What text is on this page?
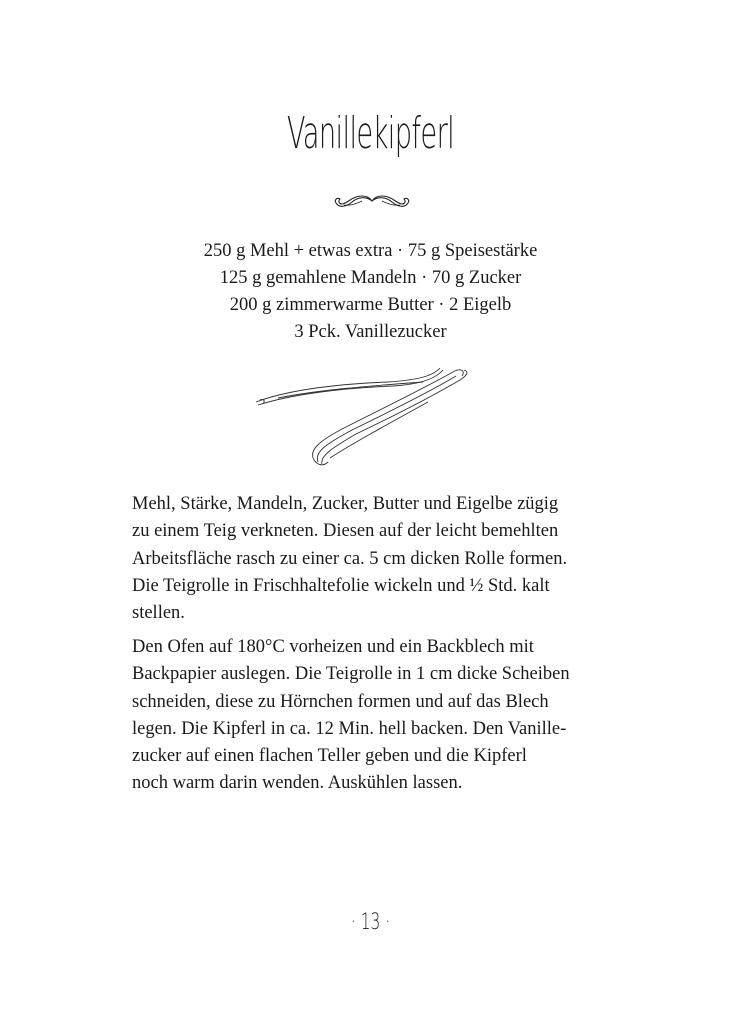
Vanillekipferl
250 g Mehl + etwas extra · 75 g Speisestärke
125 g gemahlene Mandeln · 70 g Zucker
200 g zimmerwarme Butter · 2 Eigelb
3 Pck. Vanillezucker

Mehl, Stärke, Mandeln, Zucker, Butter und Eigelbe zügig
zu einem Teig verkneten. Diesen auf der leicht bemehlten
Arbeitsfläche rasch zu einer ca. 5 cm dicken Rolle formen.
Die Teigrolle in Frischhaltefolie wickeln und ½ Std. kalt
stellen.

Den Ofen auf 180°C vorheizen und ein Backblech mit
Backpapier auslegen. Die Teigrolle in 1 cm dicke Scheiben
schneiden, diese zu Hörnchen formen und auf das Blech
legen. Die Kipferl in ca. 12 Min. hell backen. Den Vanille-
zucker auf einen flachen Teller geben und die Kipferl
noch warm darin wenden. Auskühlen lassen.

· 13 ·
